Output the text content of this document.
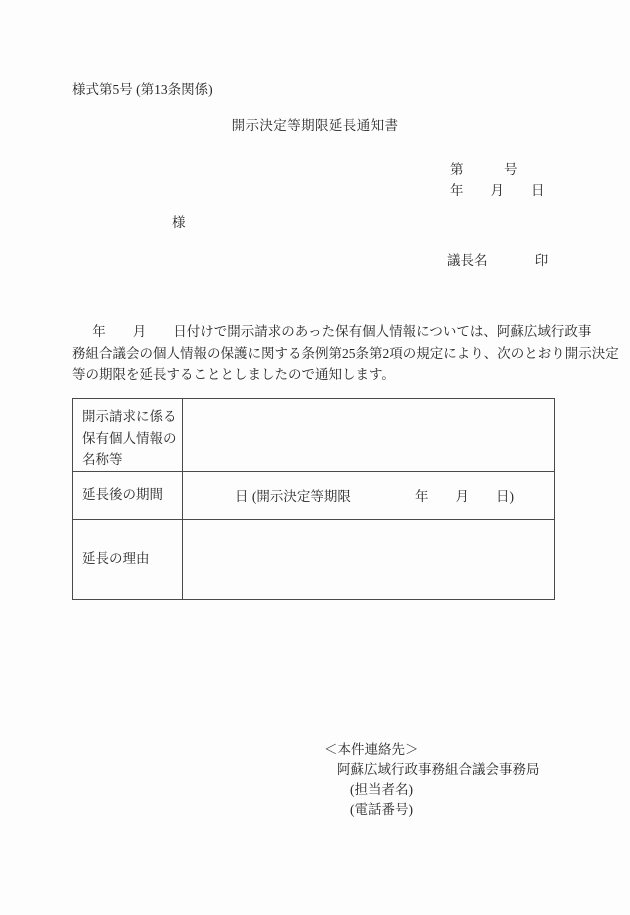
様式第5号 (第13条関係)
開示決定等期限延長通知書
第            号
年        月        日
様
議長名              印
年        月        日付けで開示請求のあった保有個人情報については、阿蘇広域行政事
務組合議会の個人情報の保護に関する条例第25条第2項の規定により、次のとおり開示決定
等の期限を延長することとしましたので通知します。
開示請求に係る
保有個人情報の
名称等	

延長後の期間	日 (開示決定等期限                   年        月        日)
延長の理由	
＜本件連絡先＞
阿蘇広域行政事務組合議会事務局
(担当者名)
(電話番号)
